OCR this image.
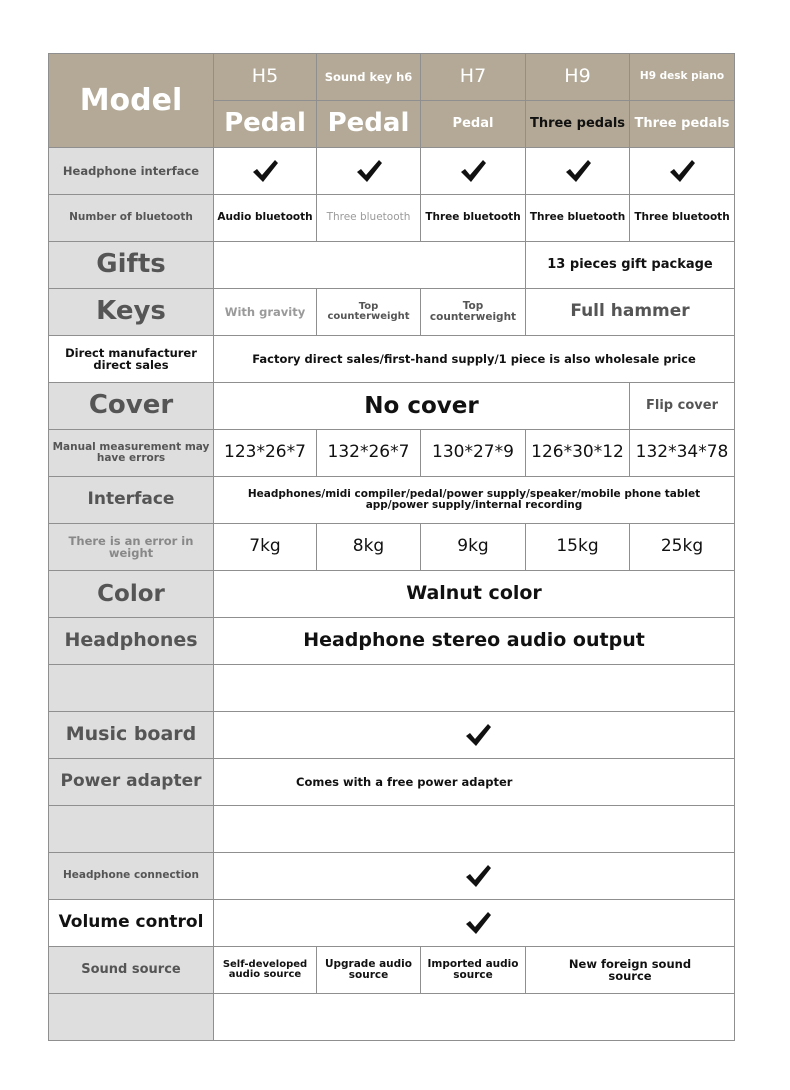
Model	H5	Sound key h6	H7	H9	H9 desk piano
	Pedal	Pedal	Pedal	Three pedals	Three pedals
Headphone interface	

Number of bluetooth	Audio bluetooth	Three bluetooth	Three bluetooth	Three bluetooth	Three bluetooth
Gifts				13 pieces gift package	
Keys	With gravity	Top counterweight	Top counterweight	Full hammer	
Direct manufacturer direct sales	Factory direct sales/first-hand supply/1 piece is also wholesale price				
Cover	No cover				Flip cover
Manual measurement may have errors	123*26*7	132*26*7	130*27*9	126*30*12	132*34*78
Interface	Headphones/midi compiler/pedal/power supply/speaker/mobile phone tablet app/power supply/internal recording				
There is an error in weight	7kg	8kg	9kg	15kg	25kg
Color	Walnut color				
Headphones	Headphone stereo audio output				

Music board	

Power adapter	Comes with a free power adapter				

Headphone connection	

Volume control	

Sound source	Self-developed audio source	Upgrade audio source	Imported audio source	New foreign sound source	
